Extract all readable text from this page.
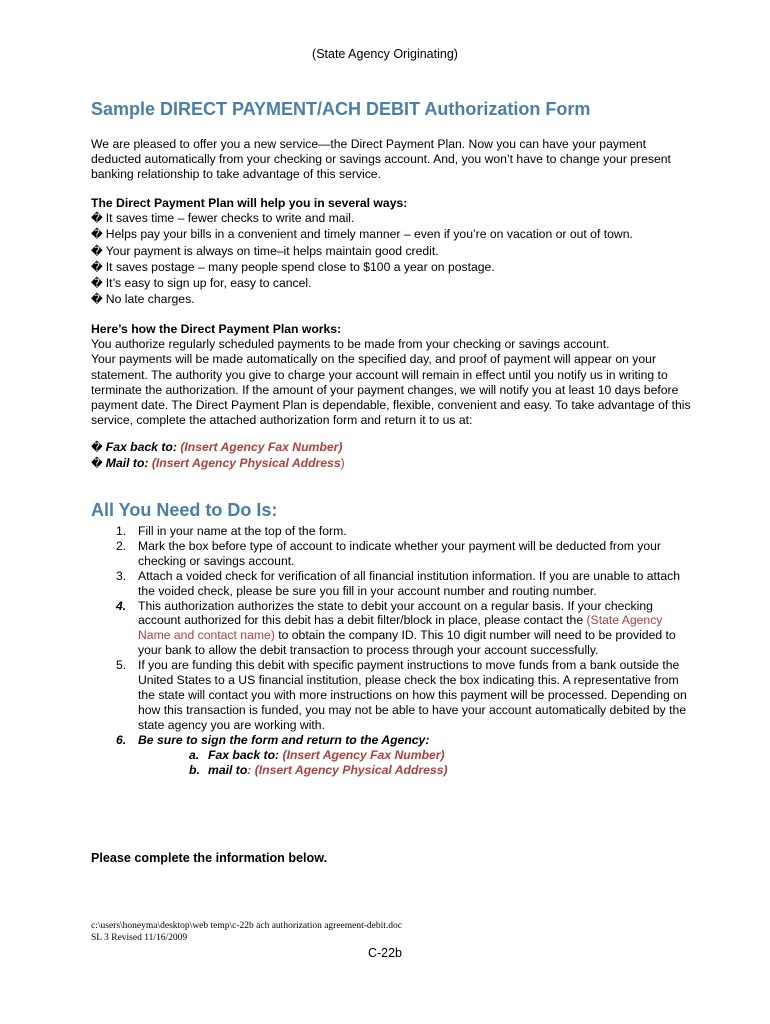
(State Agency Originating)
Sample DIRECT PAYMENT/ACH DEBIT Authorization Form
We are pleased to offer you a new service—the Direct Payment Plan. Now you can have your payment deducted automatically from your checking or savings account. And, you won’t have to change your present banking relationship to take advantage of this service.
The Direct Payment Plan will help you in several ways:
� It saves time – fewer checks to write and mail.
� Helps pay your bills in a convenient and timely manner – even if you’re on vacation or out of town.
� Your payment is always on time–it helps maintain good credit.
� It saves postage – many people spend close to $100 a year on postage.
� It’s easy to sign up for, easy to cancel.
� No late charges.
Here’s how the Direct Payment Plan works:
You authorize regularly scheduled payments to be made from your checking or savings account.
Your payments will be made automatically on the specified day, and proof of payment will appear on your statement. The authority you give to charge your account will remain in effect until you notify us in writing to terminate the authorization. If the amount of your payment changes, we will notify you at least 10 days before payment date. The Direct Payment Plan is dependable, flexible, convenient and easy. To take advantage of this service, complete the attached authorization form and return it to us at:
� Fax back to: (Insert Agency Fax Number)
� Mail to: (Insert Agency Physical Address)
All You Need to Do Is:
1. Fill in your name at the top of the form.
2. Mark the box before type of account to indicate whether your payment will be deducted from your checking or savings account.
3. Attach a voided check for verification of all financial institution information. If you are unable to attach the voided check, please be sure you fill in your account number and routing number.
4. This authorization authorizes the state to debit your account on a regular basis. If your checking account authorized for this debit has a debit filter/block in place, please contact the (State Agency Name and contact name) to obtain the company ID. This 10 digit number will need to be provided to your bank to allow the debit transaction to process through your account successfully.
5. If you are funding this debit with specific payment instructions to move funds from a bank outside the United States to a US financial institution, please check the box indicating this. A representative from the state will contact you with more instructions on how this payment will be processed. Depending on how this transaction is funded, you may not be able to have your account automatically debited by the state agency you are working with.
6. Be sure to sign the form and return to the Agency:
a. Fax back to: (Insert Agency Fax Number)
b. mail to: (Insert Agency Physical Address)
Please complete the information below.
c:\users\honeyma\desktop\web temp\c-22b ach authorization agreement-debit.doc
SL 3 Revised 11/16/2009
C-22b
